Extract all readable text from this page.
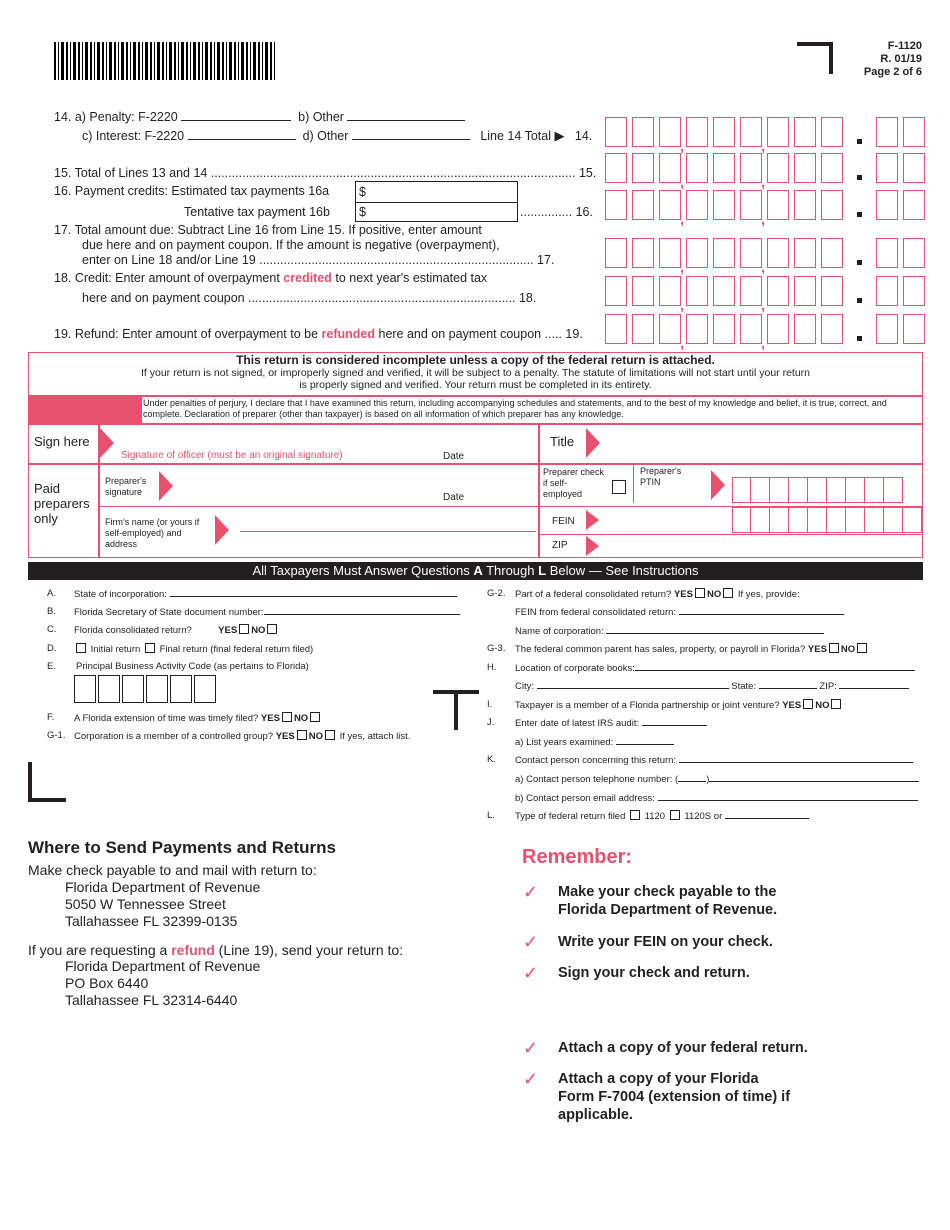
F-1120
R. 01/19
Page 2 of 6
14. a) Penalty: F-2220	b) Other
c) Interest: F-2220	d) Other	Line 14 Total ▶ 14.
15. Total of Lines 13 and 14 ......................................................................................................... 15.
16. Payment credits: Estimated tax payments 16a
Tentative tax payment 16b
$
$	............... 16.
17. Total amount due: Subtract Line 16 from Line 15. If positive, enter amount
due here and on payment coupon. If the amount is negative (overpayment),
enter on Line 18 and/or Line 19 ............................................................................... 17.
18. Credit: Enter amount of overpayment credited to next year's estimated tax
here and on payment coupon ............................................................................. 18.
19. Refund: Enter amount of overpayment to be refunded here and on payment coupon ..... 19.
,	,
,	,
,	,
,	,
,	,
,	,
This return is considered incomplete unless a copy of the federal return is attached.
If your return is not signed, or improperly signed and verified, it will be subject to a penalty. The statute of limitations will not start until your return
is properly signed and verified. Your return must be completed in its entirety.
Under penalties of perjury, I declare that I have examined this return, including accompanying schedules and statements, and to the best of my knowledge and belief, it is true, correct, and complete. Declaration of preparer (other than taxpayer) is based on all information of which preparer has any knowledge.
Sign here
Signature of officer (must be an original signature)	Date
Title
Paid preparers only
Preparer's signature	Date
Preparer check if self-employed
Preparer's PTIN
Firm's name (or yours if self-employed) and address
FEIN
ZIP
All Taxpayers Must Answer Questions A Through L Below — See Instructions
A. State of incorporation:
B. Florida Secretary of State document number:
C. Florida consolidated return?	YES NO
D.	Initial return Final return (final federal return filed)
E. Principal Business Activity Code (as pertains to Florida)
F. A Florida extension of time was timely filed? YES NO
G-1. Corporation is a member of a controlled group? YES NO If yes, attach list.
G-2. Part of a federal consolidated return? YES NO If yes, provide:
FEIN from federal consolidated return:
Name of corporation:
G-3. The federal common parent has sales, property, or payroll in Florida? YES NO
H. Location of corporate books:
City:	State:	ZIP:
I. Taxpayer is a member of a Florida partnership or joint venture? YES NO
J. Enter date of latest IRS audit:
a) List years examined:
K. Contact person concerning this return:
a) Contact person telephone number: (	)
b) Contact person email address:
L. Type of federal return filed 1120 1120S or
Where to Send Payments and Returns
Make check payable to and mail with return to:
Florida Department of Revenue
5050 W Tennessee Street
Tallahassee FL 32399-0135
If you are requesting a refund (Line 19), send your return to:
Florida Department of Revenue
PO Box 6440
Tallahassee FL 32314-6440
Remember:
✓ Make your check payable to the
Florida Department of Revenue.
✓ Write your FEIN on your check.
✓ Sign your check and return.
✓ Attach a copy of your federal return.
✓ Attach a copy of your Florida
Form F-7004 (extension of time) if
applicable.
